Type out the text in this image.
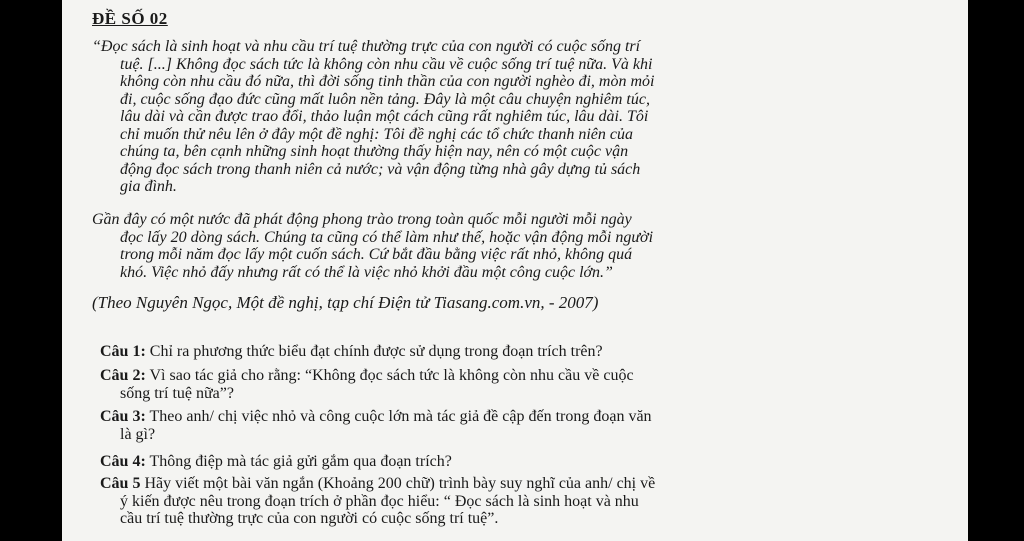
ĐỀ SỐ 02
“Đọc sách là sinh hoạt và nhu cầu trí tuệ thường trực của con người có cuộc sống trí
tuệ. [...] Không đọc sách tức là không còn nhu cầu về cuộc sống trí tuệ nữa. Và khi
không còn nhu cầu đó nữa, thì đời sống tinh thần của con người nghèo đi, mòn mỏi
đi, cuộc sống đạo đức cũng mất luôn nền tảng. Đây là một câu chuyện nghiêm túc,
lâu dài và cần được trao đổi, thảo luận một cách cũng rất nghiêm túc, lâu dài. Tôi
chỉ muốn thử nêu lên ở đây một đề nghị: Tôi đề nghị các tổ chức thanh niên của
chúng ta, bên cạnh những sinh hoạt thường thấy hiện nay, nên có một cuộc vận
động đọc sách trong thanh niên cả nước; và vận động từng nhà gây dựng tủ sách
gia đình.
Gần đây có một nước đã phát động phong trào trong toàn quốc mỗi người mỗi ngày
đọc lấy 20 dòng sách. Chúng ta cũng có thể làm như thế, hoặc vận động mỗi người
trong mỗi năm đọc lấy một cuốn sách. Cứ bắt đầu bằng việc rất nhỏ, không quá
khó. Việc nhỏ đấy nhưng rất có thể là việc nhỏ khởi đầu một công cuộc lớn.”
(Theo Nguyên Ngọc, Một đề nghị, tạp chí Điện tử Tiasang.com.vn, - 2007)
Câu 1: Chỉ ra phương thức biểu đạt chính được sử dụng trong đoạn trích trên?
Câu 2: Vì sao tác giả cho rằng: “Không đọc sách tức là không còn nhu cầu về cuộc
sống trí tuệ nữa”?
Câu 3: Theo anh/ chị việc nhỏ và công cuộc lớn mà tác giả đề cập đến trong đoạn văn
là gì?
Câu 4: Thông điệp mà tác giả gửi gắm qua đoạn trích?
Câu 5 Hãy viết một bài văn ngắn (Khoảng 200 chữ) trình bày suy nghĩ của anh/ chị về
ý kiến được nêu trong đoạn trích ở phần đọc hiểu: “ Đọc sách là sinh hoạt và nhu
cầu trí tuệ thường trực của con người có cuộc sống trí tuệ”.
